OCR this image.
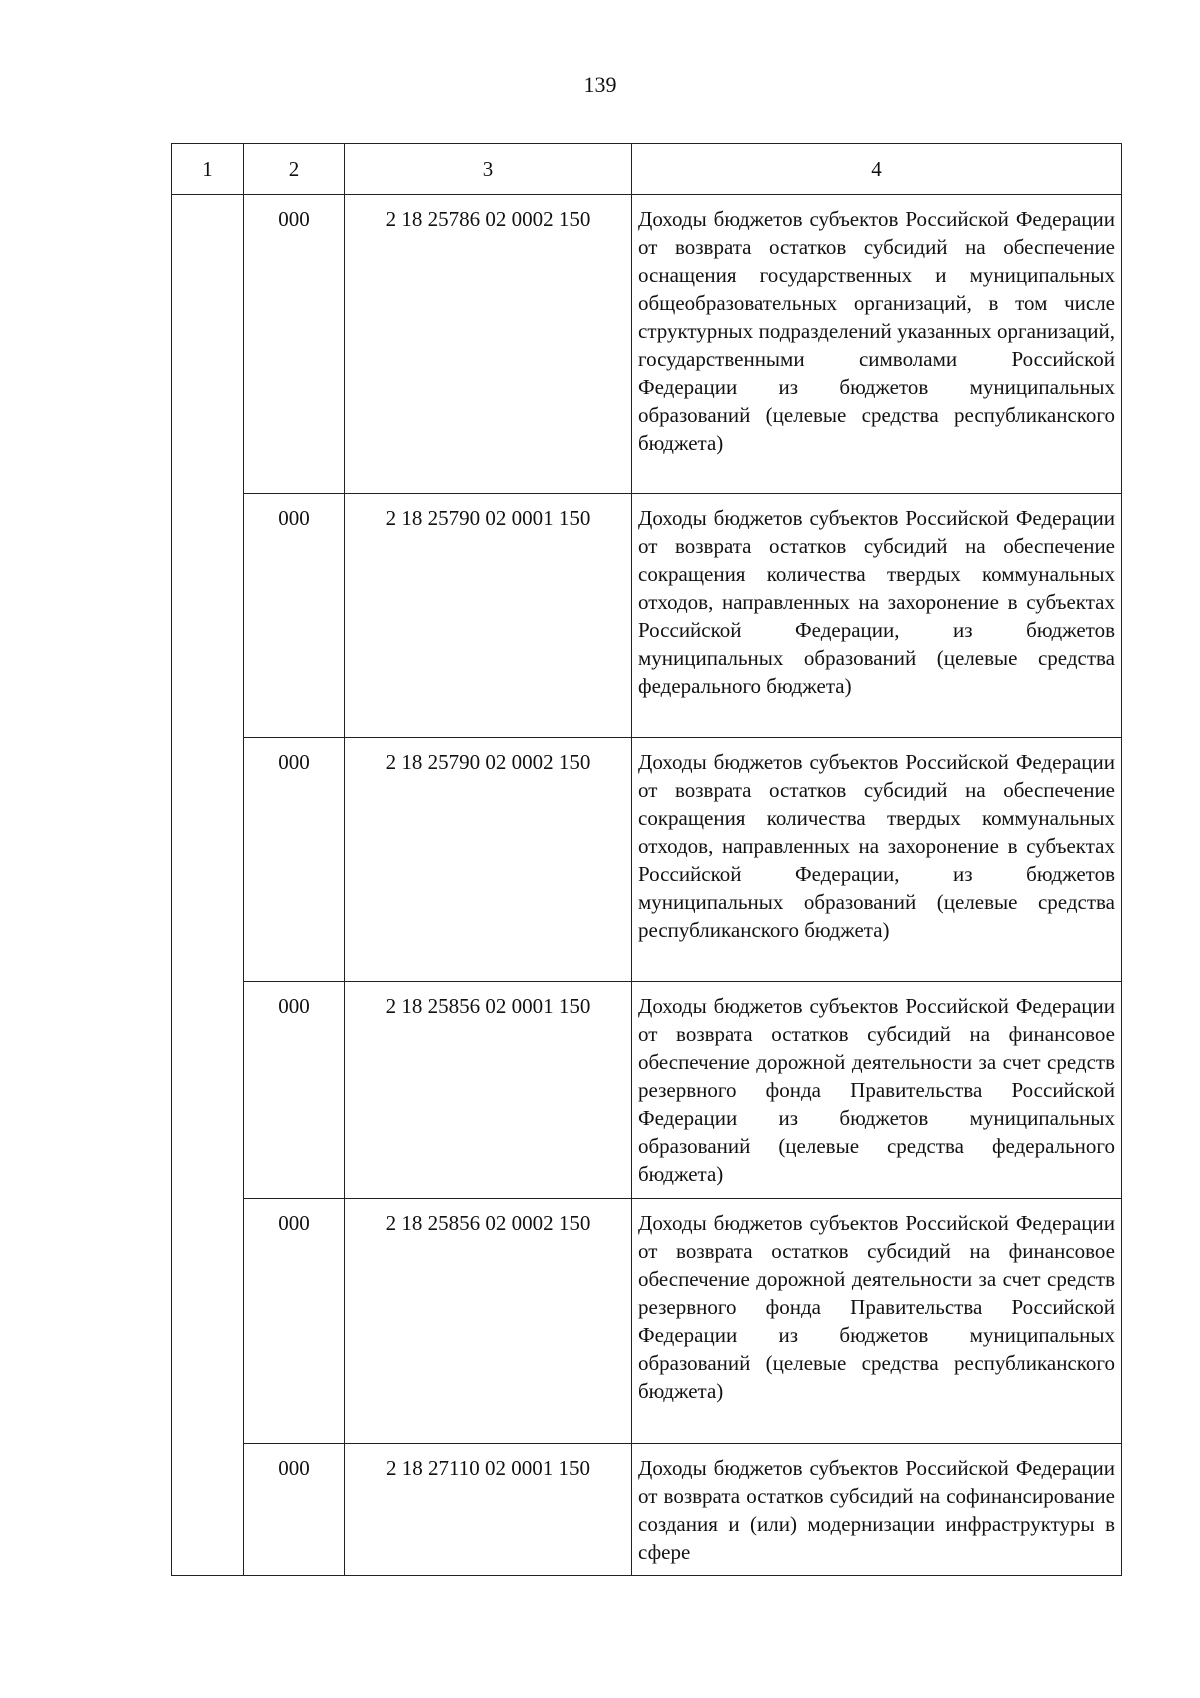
139
1	2	3	4
	000	2 18 25786 02 0002 150	Доходы бюджетов субъектов Российской Федерации от возврата остатков субсидий на обеспечение оснащения государственных и муниципальных общеобразовательных организаций, в том числе структурных подразделений указанных организаций, государственными символами Российской Федерации из бюджетов муниципальных образований (целевые средства республиканского бюджета)

	000	2 18 25790 02 0001 150	Доходы бюджетов субъектов Российской Федерации от возврата остатков субсидий на обеспечение сокращения количества твердых коммунальных отходов, направленных на захоронение в субъектах Российской Федерации, из бюджетов муниципальных образований (целевые средства федерального бюджета)

	000	2 18 25790 02 0002 150	Доходы бюджетов субъектов Российской Федерации от возврата остатков субсидий на обеспечение сокращения количества твердых коммунальных отходов, направленных на захоронение в субъектах Российской Федерации, из бюджетов муниципальных образований (целевые средства республиканского бюджета)

	000	2 18 25856 02 0001 150	Доходы бюджетов субъектов Российской Федерации от возврата остатков субсидий на финансовое обеспечение дорожной деятельности за счет средств резервного фонда Правительства Российской Федерации из бюджетов муниципальных образований (целевые средства федерального бюджета)

	000	2 18 25856 02 0002 150	Доходы бюджетов субъектов Российской Федерации от возврата остатков субсидий на финансовое обеспечение дорожной деятельности за счет средств резервного фонда Правительства Российской Федерации из бюджетов муниципальных образований (целевые средства республиканского бюджета)

	000	2 18 27110 02 0001 150	Доходы бюджетов субъектов Российской Федерации от возврата остатков субсидий на софинансирование создания и (или) модернизации инфраструктуры в сфере
